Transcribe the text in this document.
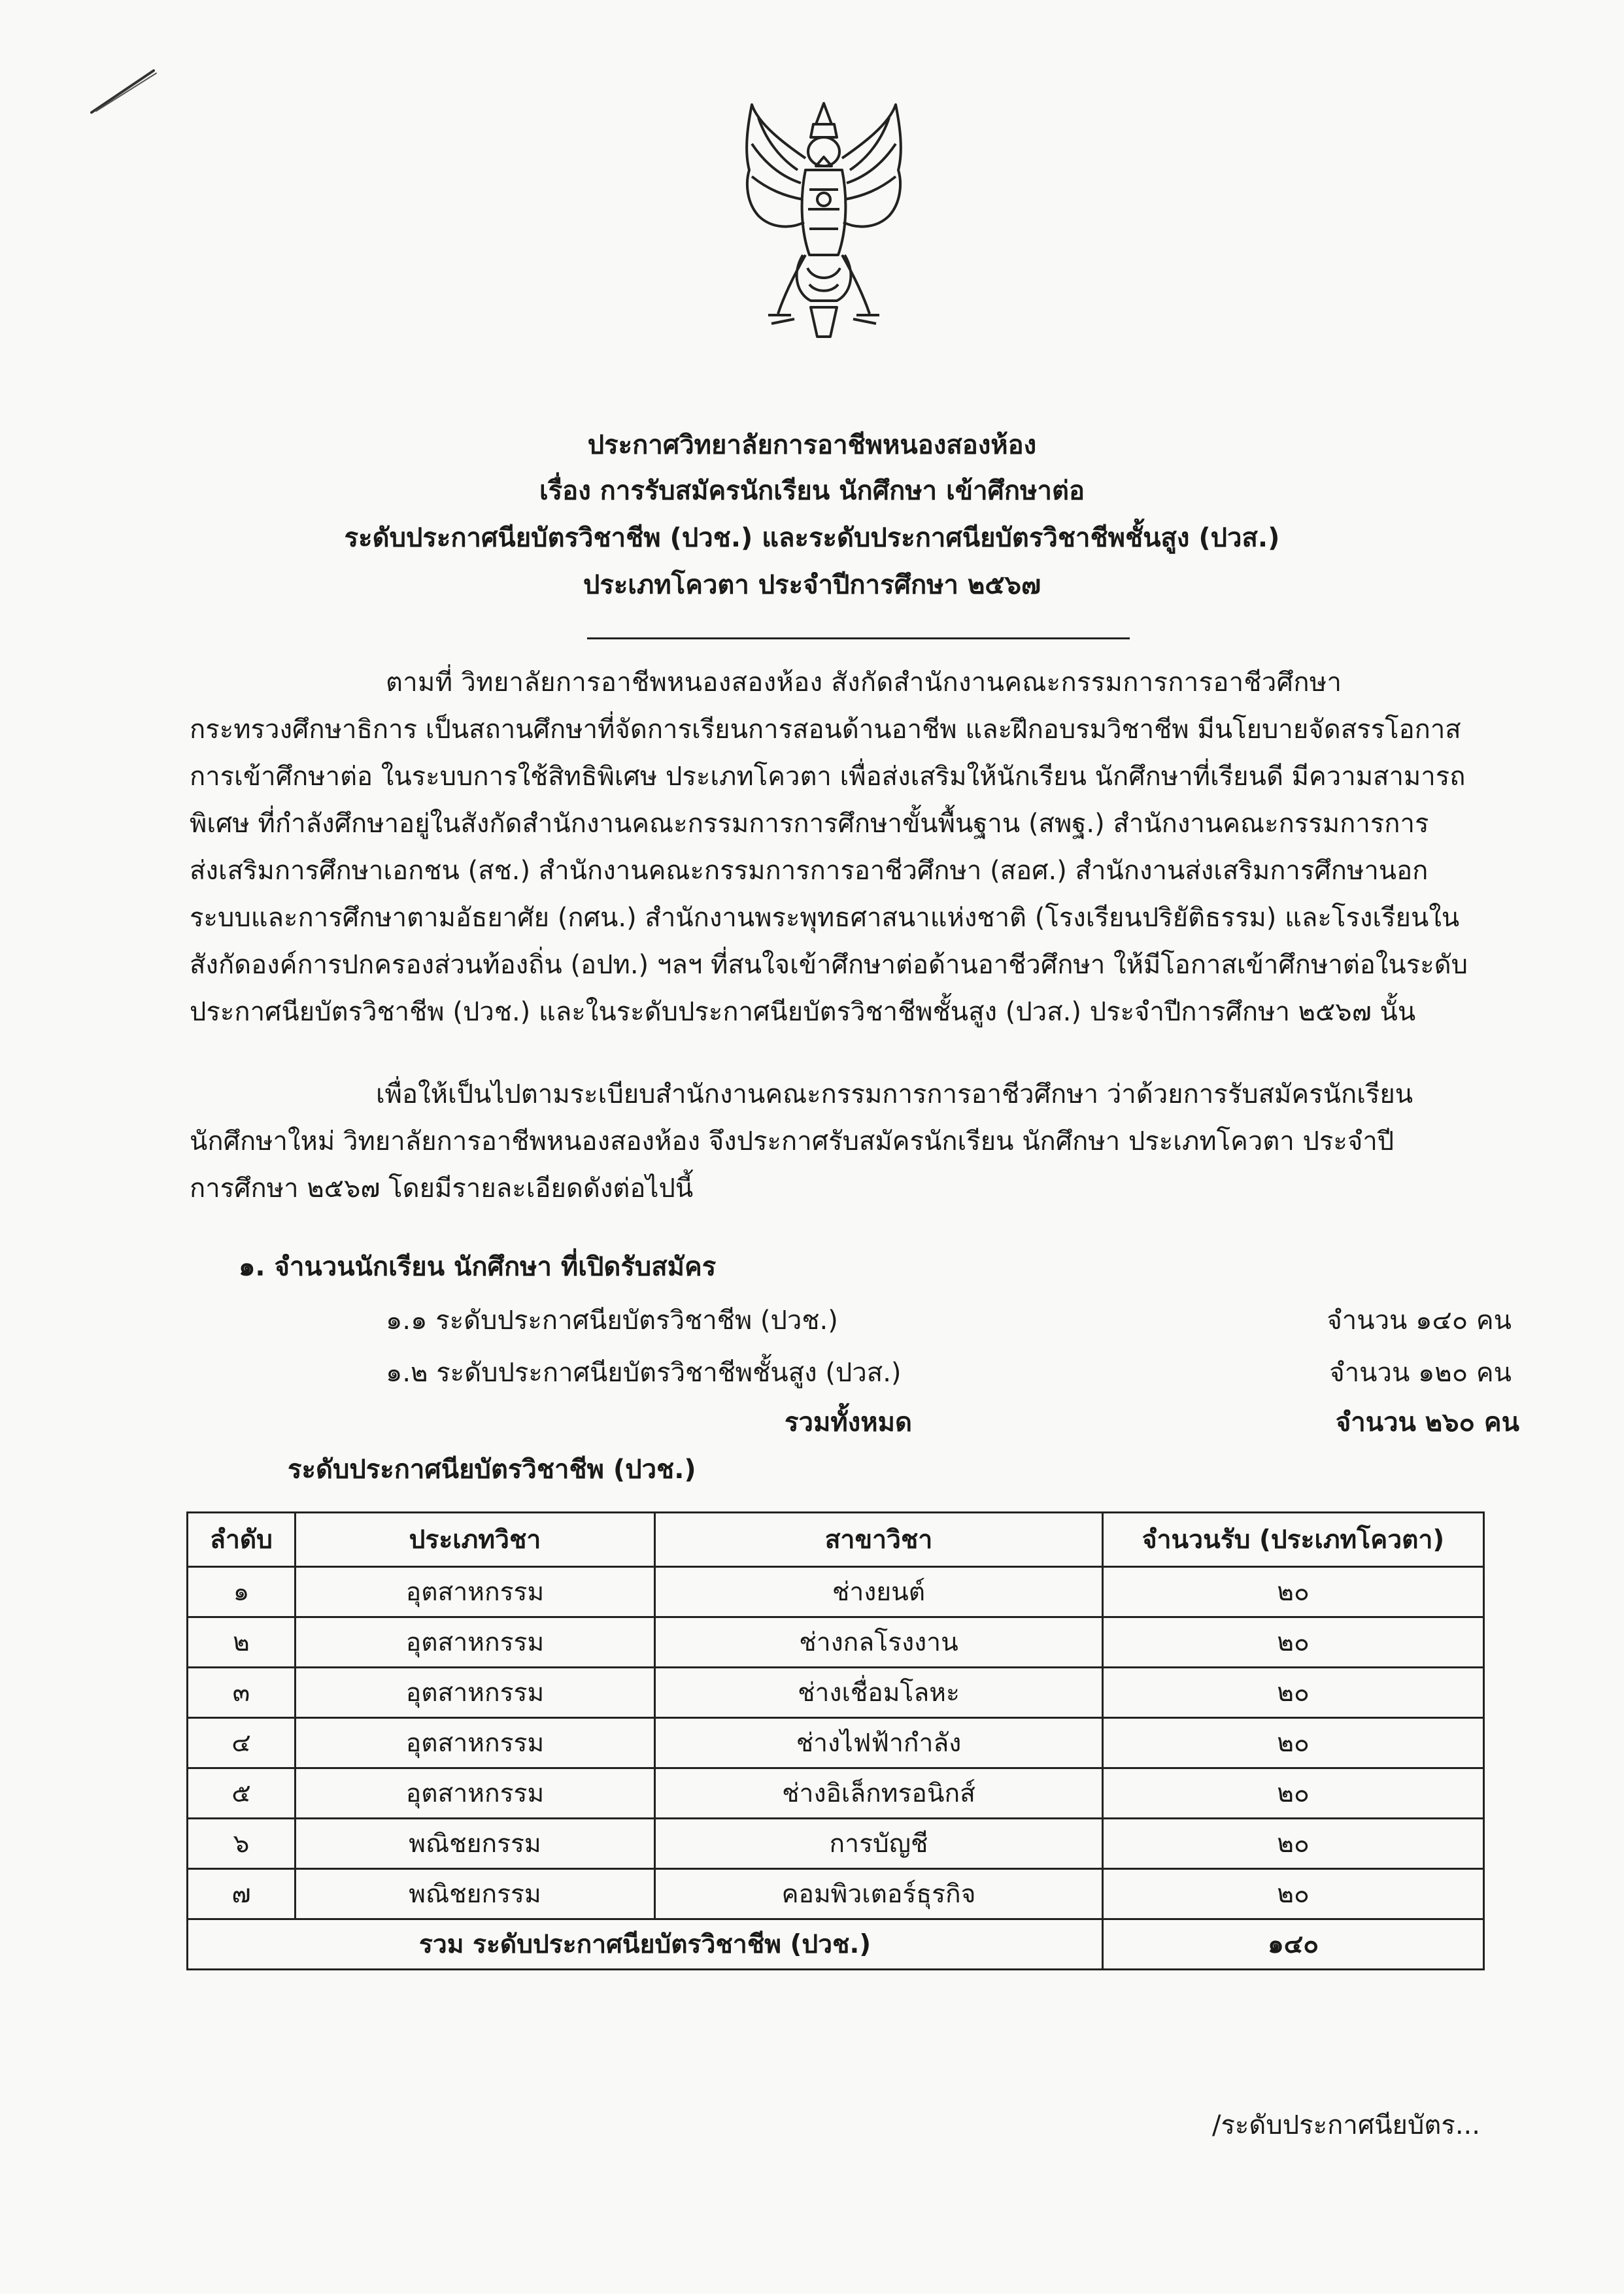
ประกาศวิทยาลัยการอาชีพหนองสองห้อง
เรื่อง การรับสมัครนักเรียน นักศึกษา เข้าศึกษาต่อ
ระดับประกาศนียบัตรวิชาชีพ (ปวช.) และระดับประกาศนียบัตรวิชาชีพชั้นสูง (ปวส.)
ประเภทโควตา ประจำปีการศึกษา ๒๕๖๗
ตามที่ วิทยาลัยการอาชีพหนองสองห้อง สังกัดสำนักงานคณะกรรมการการอาชีวศึกษา
กระทรวงศึกษาธิการ เป็นสถานศึกษาที่จัดการเรียนการสอนด้านอาชีพ และฝึกอบรมวิชาชีพ มีนโยบายจัดสรรโอกาส
การเข้าศึกษาต่อ ในระบบการใช้สิทธิพิเศษ ประเภทโควตา เพื่อส่งเสริมให้นักเรียน นักศึกษาที่เรียนดี มีความสามารถ
พิเศษ ที่กำลังศึกษาอยู่ในสังกัดสำนักงานคณะกรรมการการศึกษาขั้นพื้นฐาน (สพฐ.) สำนักงานคณะกรรมการการ
ส่งเสริมการศึกษาเอกชน (สช.) สำนักงานคณะกรรมการการอาชีวศึกษา (สอศ.) สำนักงานส่งเสริมการศึกษานอก
ระบบและการศึกษาตามอัธยาศัย (กศน.) สำนักงานพระพุทธศาสนาแห่งชาติ (โรงเรียนปริยัติธรรม) และโรงเรียนใน
สังกัดองค์การปกครองส่วนท้องถิ่น (อปท.) ฯลฯ ที่สนใจเข้าศึกษาต่อด้านอาชีวศึกษา ให้มีโอกาสเข้าศึกษาต่อในระดับ
ประกาศนียบัตรวิชาชีพ (ปวช.) และในระดับประกาศนียบัตรวิชาชีพชั้นสูง (ปวส.) ประจำปีการศึกษา ๒๕๖๗ นั้น
เพื่อให้เป็นไปตามระเบียบสำนักงานคณะกรรมการการอาชีวศึกษา ว่าด้วยการรับสมัครนักเรียน
นักศึกษาใหม่ วิทยาลัยการอาชีพหนองสองห้อง จึงประกาศรับสมัครนักเรียน นักศึกษา ประเภทโควตา ประจำปี
การศึกษา ๒๕๖๗ โดยมีรายละเอียดดังต่อไปนี้
๑. จำนวนนักเรียน นักศึกษา ที่เปิดรับสมัคร
๑.๑ ระดับประกาศนียบัตรวิชาชีพ (ปวช.)	จำนวน ๑๔๐ คน
๑.๒ ระดับประกาศนียบัตรวิชาชีพชั้นสูง (ปวส.)	จำนวน ๑๒๐ คน
รวมทั้งหมด	จำนวน ๒๖๐ คน
ระดับประกาศนียบัตรวิชาชีพ (ปวช.)
ลำดับ	ประเภทวิชา	สาขาวิชา	จำนวนรับ (ประเภทโควตา)
๑	อุตสาหกรรม	ช่างยนต์	๒๐
๒	อุตสาหกรรม	ช่างกลโรงงาน	๒๐
๓	อุตสาหกรรม	ช่างเชื่อมโลหะ	๒๐
๔	อุตสาหกรรม	ช่างไฟฟ้ากำลัง	๒๐
๕	อุตสาหกรรม	ช่างอิเล็กทรอนิกส์	๒๐
๖	พณิชยกรรม	การบัญชี	๒๐
๗	พณิชยกรรม	คอมพิวเตอร์ธุรกิจ	๒๐
รวม ระดับประกาศนียบัตรวิชาชีพ (ปวช.)			๑๔๐
/ระดับประกาศนียบัตร...
